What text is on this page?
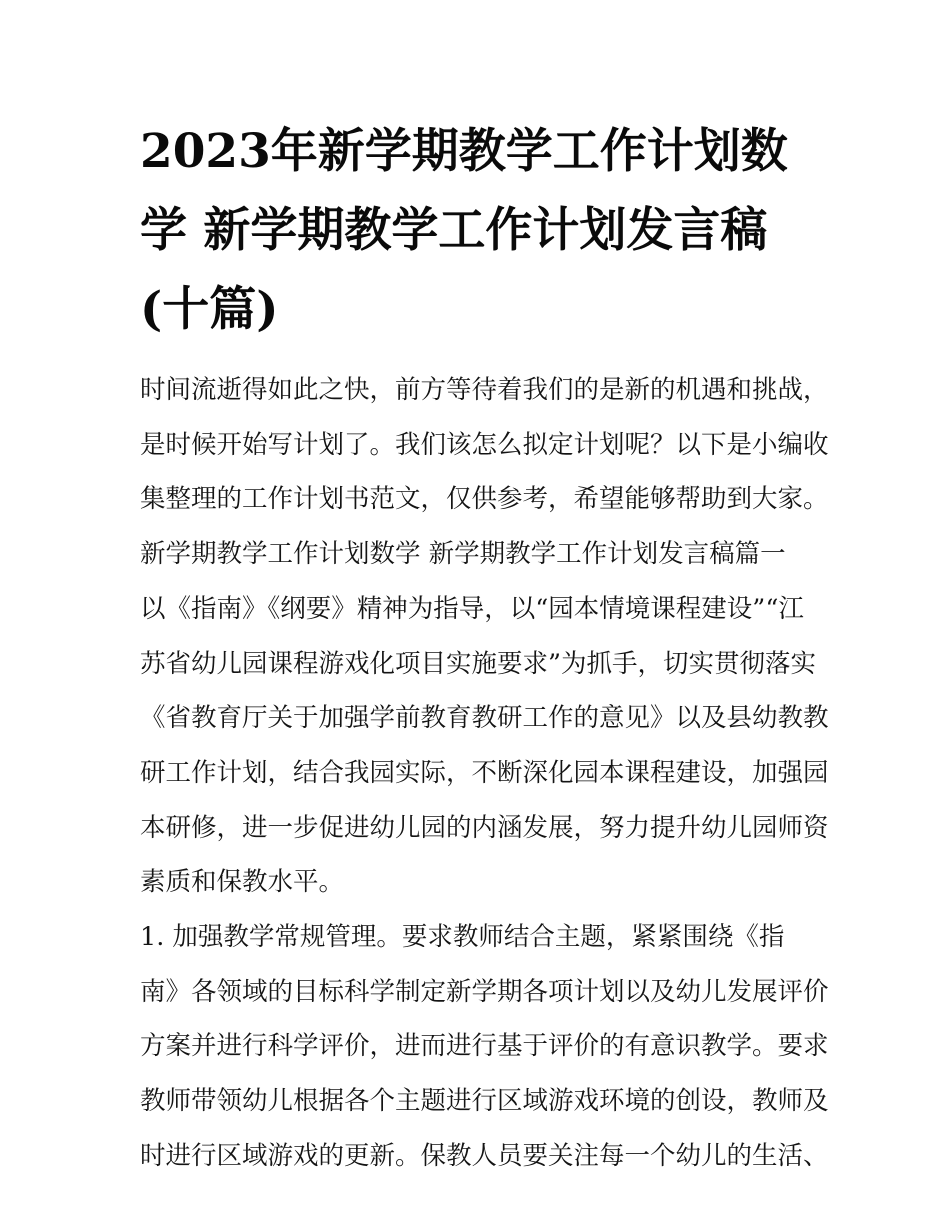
2023年新学期教学工作计划数
学 新学期教学工作计划发言稿
(十篇)
时间流逝得如此之快，前方等待着我们的是新的机遇和挑战，
是时候开始写计划了。我们该怎么拟定计划呢？以下是小编收
集整理的工作计划书范文，仅供参考，希望能够帮助到大家。
新学期教学工作计划数学 新学期教学工作计划发言稿篇一
以《指南》《纲要》精神为指导，以“园本情境课程建设”“江
苏省幼儿园课程游戏化项目实施要求”为抓手，切实贯彻落实
《省教育厅关于加强学前教育教研工作的意见》以及县幼教教
研工作计划，结合我园实际，不断深化园本课程建设，加强园
本研修，进一步促进幼儿园的内涵发展，努力提升幼儿园师资
素质和保教水平。
1. 加强教学常规管理。要求教师结合主题，紧紧围绕《指
南》各领域的目标科学制定新学期各项计划以及幼儿发展评价
方案并进行科学评价，进而进行基于评价的有意识教学。要求
教师带领幼儿根据各个主题进行区域游戏环境的创设，教师及
时进行区域游戏的更新。保教人员要关注每一个幼儿的生活、
